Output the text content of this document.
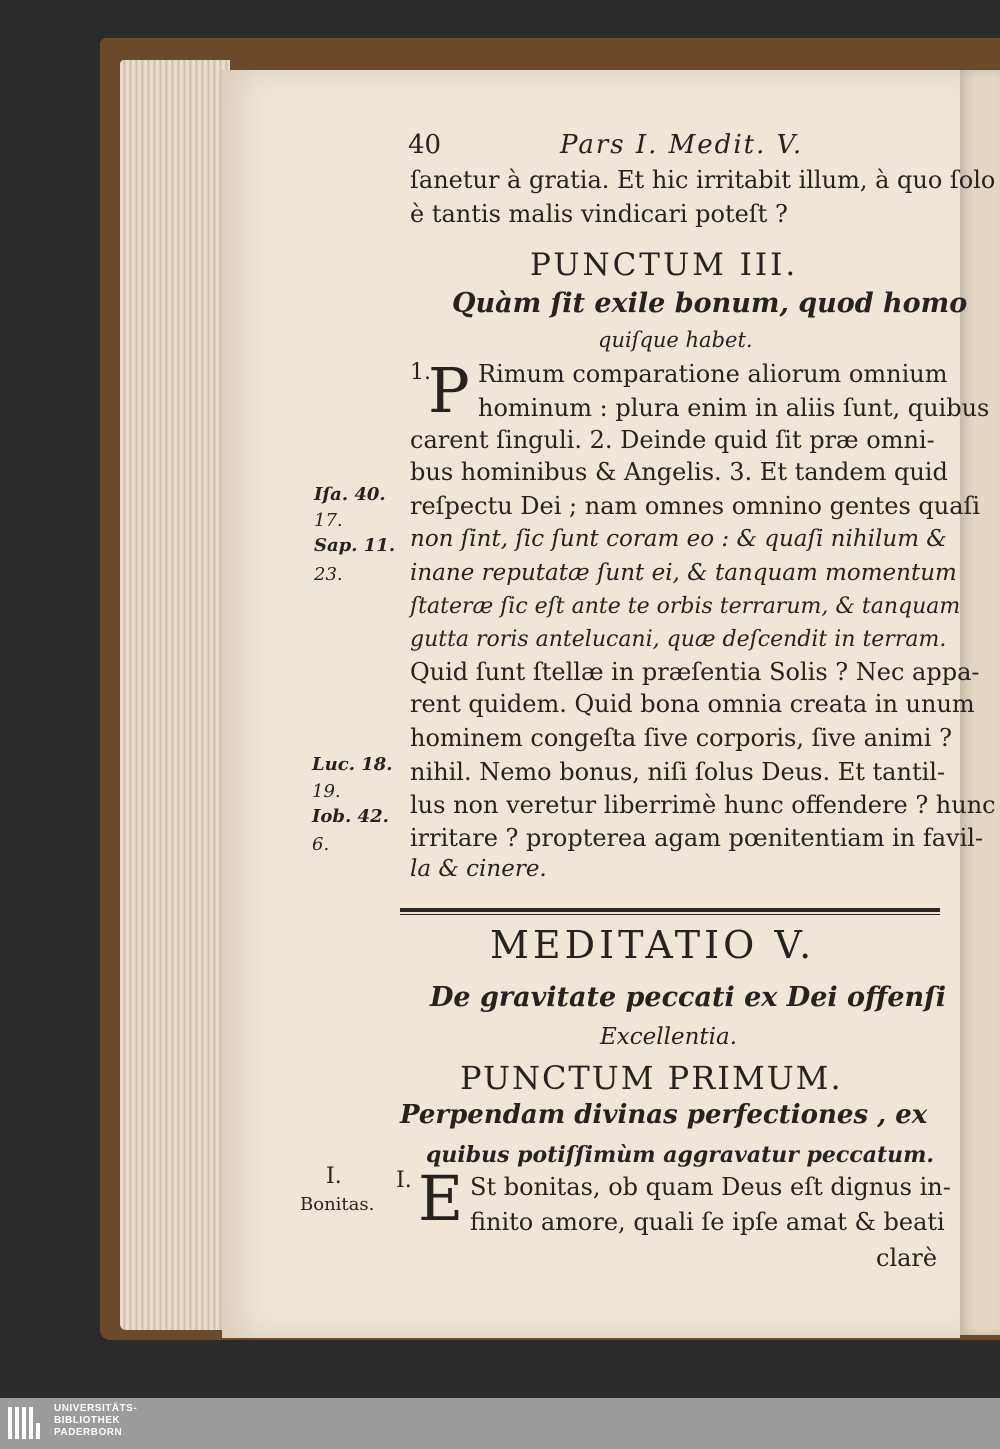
40	Pars I. Medit. V.
ſanetur à gratia. Et hic irritabit illum, à quo ſolo
è tantis malis vindicari poteſt ?
PUNCTUM III.
Quàm ſit exile bonum, quod homo
quiſque habet.
1.
P Rimum comparatione aliorum omnium
hominum : plura enim in aliis ſunt, quibus
carent ſinguli. 2. Deinde quid ſit præ omni-
bus hominibus & Angelis. 3. Et tandem quid
reſpectu Dei ; nam omnes omnino gentes quaſi
non ſint, ſic ſunt coram eo : & quaſi nihilum &
inane reputatæ ſunt ei, & tanquam momentum
ſtateræ ſic eſt ante te orbis terrarum, & tanquam
gutta roris antelucani, quæ deſcendit in terram.
Quid ſunt ſtellæ in præſentia Solis ? Nec appa-
rent quidem. Quid bona omnia creata in unum
hominem congeſta ſive corporis, ſive animi ?
nihil. Nemo bonus, niſi ſolus Deus. Et tantil-
lus non veretur liberrimè hunc offendere ? hunc
irritare ? propterea agam pœnitentiam in favil-
la & cinere.
Iſa. 40.
17.
Sap. 11.
23.
Luc. 18.
19.
Iob. 42.
6.
MEDITATIO V.
De gravitate peccati ex Dei offenſi
Excellentia.
PUNCTUM PRIMUM.
Perpendam divinas perfectiones , ex
quibus potiſſimùm aggravatur peccatum.
I.
Bonitas.
I. E St bonitas, ob quam Deus eſt dignus in-
finito amore, quali ſe ipſe amat & beati
clarè
UNIVERSITÄTS-
BIBLIOTHEK
PADERBORN
